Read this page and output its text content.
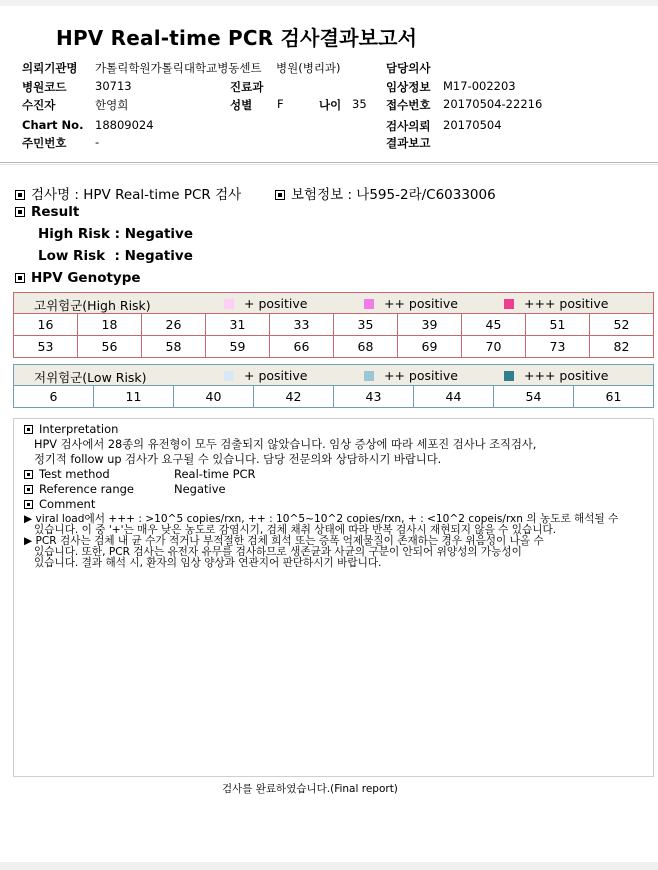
HPV Real-time PCR 검사결과보고서
의뢰기관명 가톨릭학원가톨릭대학교병동센트 병원(병리과)	담당의사
병원코드 30713	진료과	임상정보 M17-002203
수진자	한영희	성별 F	나이 35 접수번호 20170504-22216
Chart No. 18809024	검사의뢰 20170504
주민번호 -	결과보고
검사명 : HPV Real-time PCR 검사	보험정보 : 나595-2라/C6033006
Result
High Risk : Negative
Low Risk  : Negative
HPV Genotype
고위험군(High Risk)	+ positive	++ positive	+++ positive
16	18	26	31	33	35	39	45	51	52
53	56	58	59	66	68	69	70	73	82
저위험군(Low Risk)	+ positive	++ positive	+++ positive
6	11	40	42	43	44	54	61
Interpretation
HPV 검사에서 28종의 유전형이 모두 검출되지 않았습니다. 임상 증상에 따라 세포진 검사나 조직검사,
정기적 follow up 검사가 요구될 수 있습니다. 담당 전문의와 상담하시기 바랍니다.
Test method	Real-time PCR
Reference range	Negative
Comment
▶ viral load에서 +++ : >10^5 copies/rxn, ++ : 10^5~10^2 copies/rxn, + : <10^2 copeis/rxn 의 농도로 해석될 수
있습니다. 이 중 '+'는 매우 낮은 농도로 감염시기, 검체 채취 상태에 따라 반복 검사시 재현되지 않을 수 있습니다.
▶ PCR 검사는 검체 내 균 수가 적거나 부적절한 검체 희석 또는 증폭 억제물질이 존재하는 경우 위음성이 나올 수
있습니다. 또한, PCR 검사는 유전자 유무를 검사하므로 생존균과 사균의 구분이 안되어 위양성의 가능성이
있습니다. 결과 해석 시, 환자의 임상 양상과 연관지어 판단하시기 바랍니다.
검사를 완료하였습니다.(Final report)
